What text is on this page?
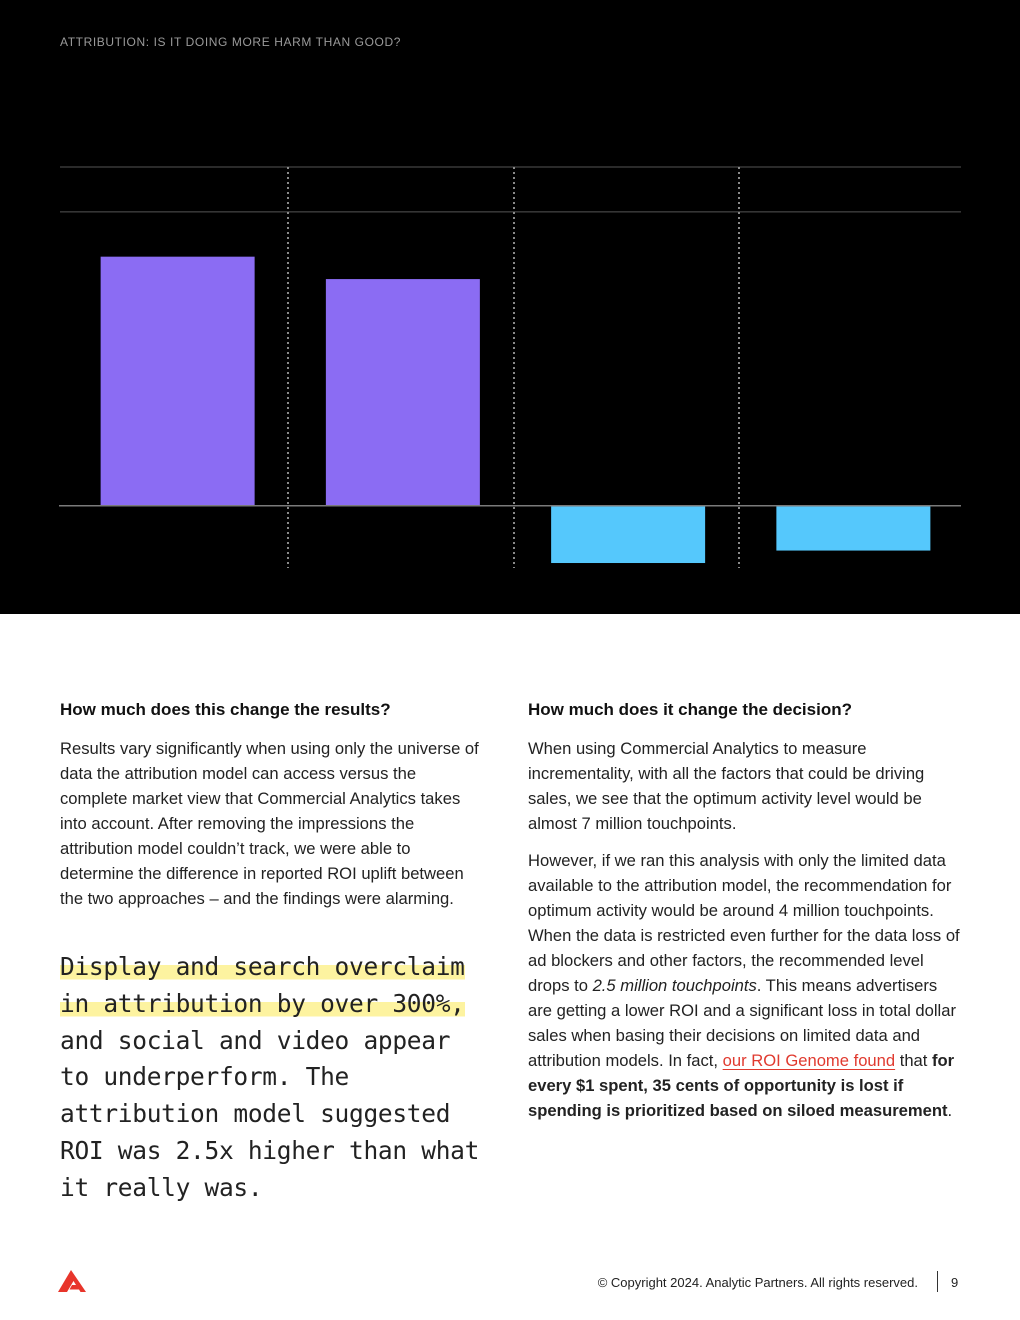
ATTRIBUTION: IS IT DOING MORE HARM THAN GOOD?
How much does this change the results?

Results vary significantly when using only the universe of data the attribution model can access versus the complete market view that Commercial Analytics takes into account. After removing the impressions the attribution model couldn’t track, we were able to determine the difference in reported ROI uplift between the two approaches – and the findings were alarming.

Display and search overclaim in attribution by over 300%, and social and video appear to underperform. The attribution model suggested ROI was 2.5x higher than what it really was.

How much does it change the decision?

When using Commercial Analytics to measure incrementality, with all the factors that could be driving sales, we see that the optimum activity level would be almost 7 million touchpoints.

However, if we ran this analysis with only the limited data available to the attribution model, the recommendation for optimum activity would be around 4 million touchpoints. When the data is restricted even further for the data loss of ad blockers and other factors, the recommended level drops to 2.5 million touchpoints. This means advertisers are getting a lower ROI and a significant loss in total dollar sales when basing their decisions on limited data and attribution models. In fact, our ROI Genome found that for every $1 spent, 35 cents of opportunity is lost if spending is prioritized based on siloed measurement.

© Copyright 2024. Analytic Partners. All rights reserved.	9
